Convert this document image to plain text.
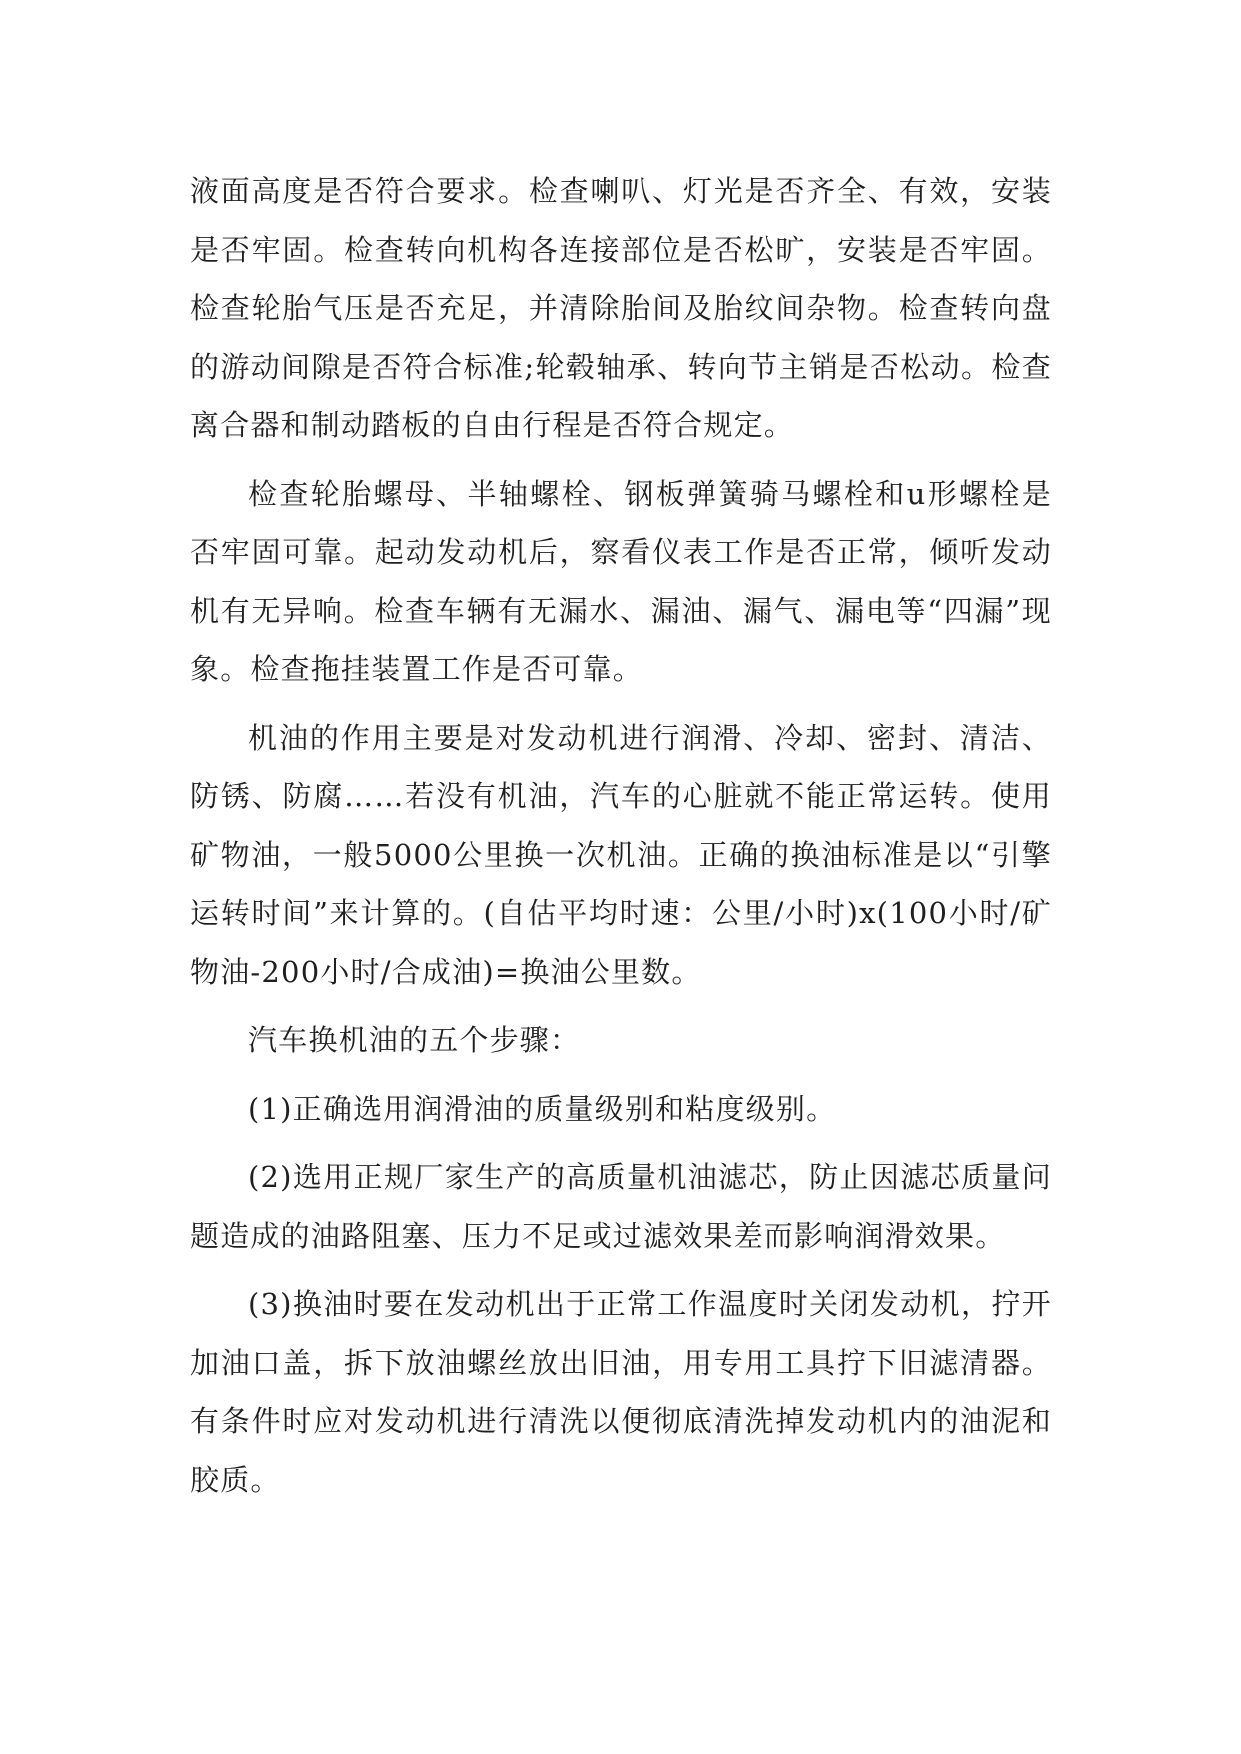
液面高度是否符合要求。检查喇叭、灯光是否齐全、有效，安装是否牢固。检查转向机构各连接部位是否松旷，安装是否牢固。检查轮胎气压是否充足，并清除胎间及胎纹间杂物。检查转向盘的游动间隙是否符合标准;轮毂轴承、转向节主销是否松动。检查离合器和制动踏板的自由行程是否符合规定。

检查轮胎螺母、半轴螺栓、钢板弹簧骑马螺栓和u形螺栓是否牢固可靠。起动发动机后，察看仪表工作是否正常，倾听发动机有无异响。检查车辆有无漏水、漏油、漏气、漏电等“四漏”现象。检查拖挂装置工作是否可靠。

机油的作用主要是对发动机进行润滑、冷却、密封、清洁、防锈、防腐……若没有机油，汽车的心脏就不能正常运转。使用矿物油，一般5000公里换一次机油。正确的换油标准是以“引擎运转时间”来计算的。(自估平均时速：公里/小时)x(100小时/矿物油-200小时/合成油)=换油公里数。

汽车换机油的五个步骤：

(1)正确选用润滑油的质量级别和粘度级别。

(2)选用正规厂家生产的高质量机油滤芯，防止因滤芯质量问题造成的油路阻塞、压力不足或过滤效果差而影响润滑效果。

(3)换油时要在发动机出于正常工作温度时关闭发动机，拧开加油口盖，拆下放油螺丝放出旧油，用专用工具拧下旧滤清器。有条件时应对发动机进行清洗以便彻底清洗掉发动机内的油泥和胶质。
